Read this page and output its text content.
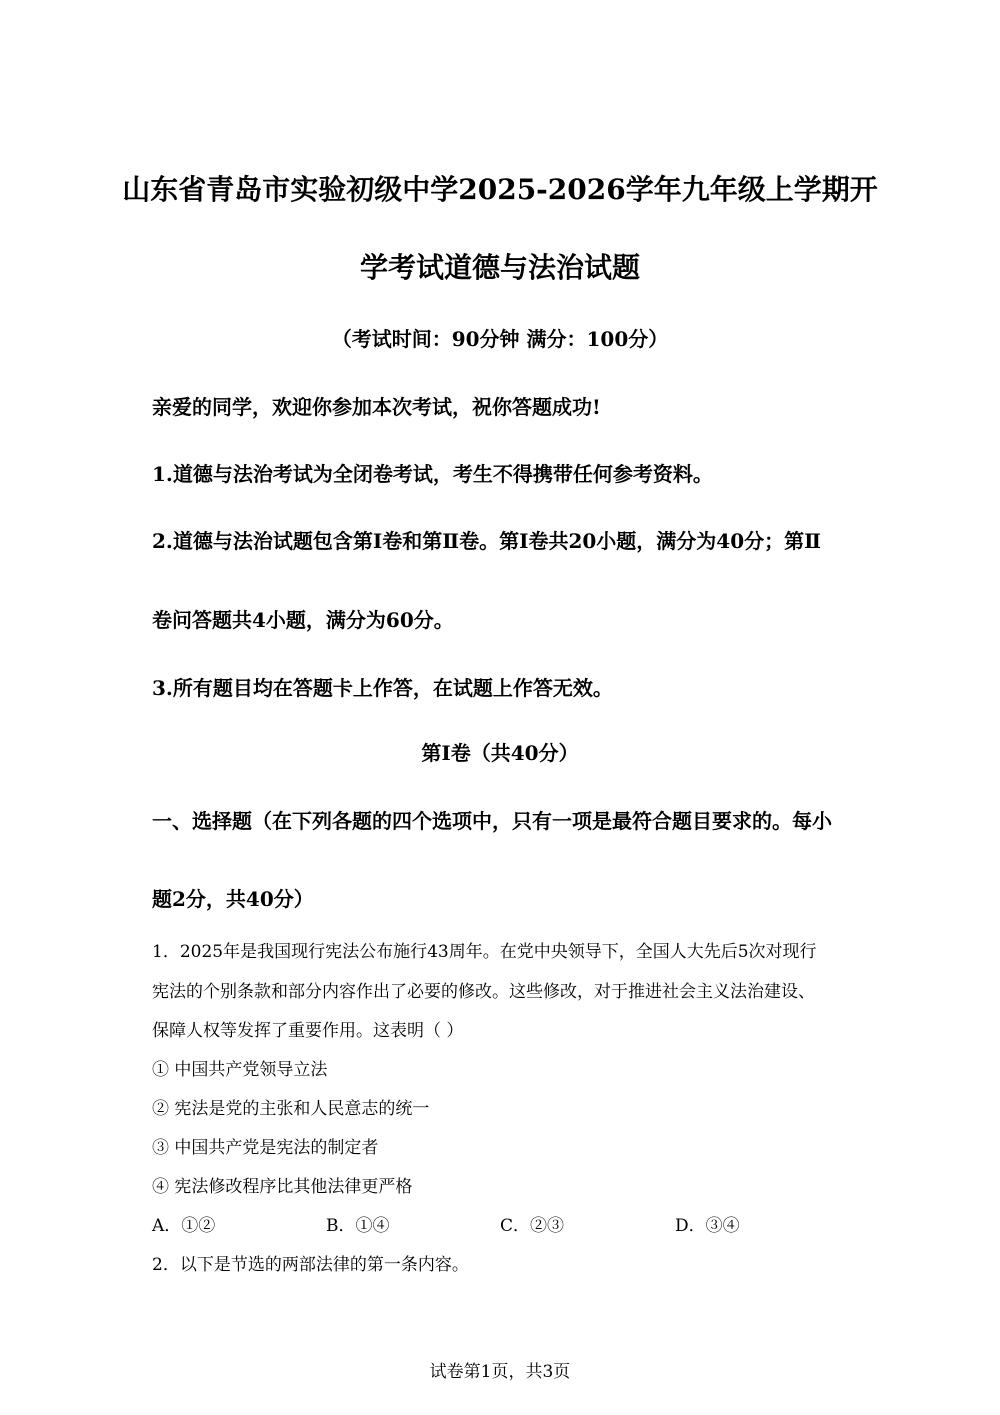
山东省青岛市实验初级中学2025-2026学年九年级上学期开
学考试道德与法治试题
（考试时间：90分钟 满分：100分）
亲爱的同学，欢迎你参加本次考试，祝你答题成功!
1.道德与法治考试为全闭卷考试，考生不得携带任何参考资料。
2.道德与法治试题包含第Ⅰ卷和第Ⅱ卷。第Ⅰ卷共20小题，满分为40分；第Ⅱ
卷问答题共4小题，满分为60分。
3.所有题目均在答题卡上作答，在试题上作答无效。
第Ⅰ卷（共40分）
一、选择题（在下列各题的四个选项中，只有一项是最符合题目要求的。每小
题2分，共40分）
1．2025年是我国现行宪法公布施行43周年。在党中央领导下，全国人大先后5次对现行
宪法的个别条款和部分内容作出了必要的修改。这些修改，对于推进社会主义法治建设、
保障人权等发挥了重要作用。这表明（ ）
① 中国共产党领导立法
② 宪法是党的主张和人民意志的统一
③ 中国共产党是宪法的制定者
④ 宪法修改程序比其他法律更严格
A．①②	B．①④	C．②③	D．③④
2．以下是节选的两部法律的第一条内容。
试卷第1页，共3页
